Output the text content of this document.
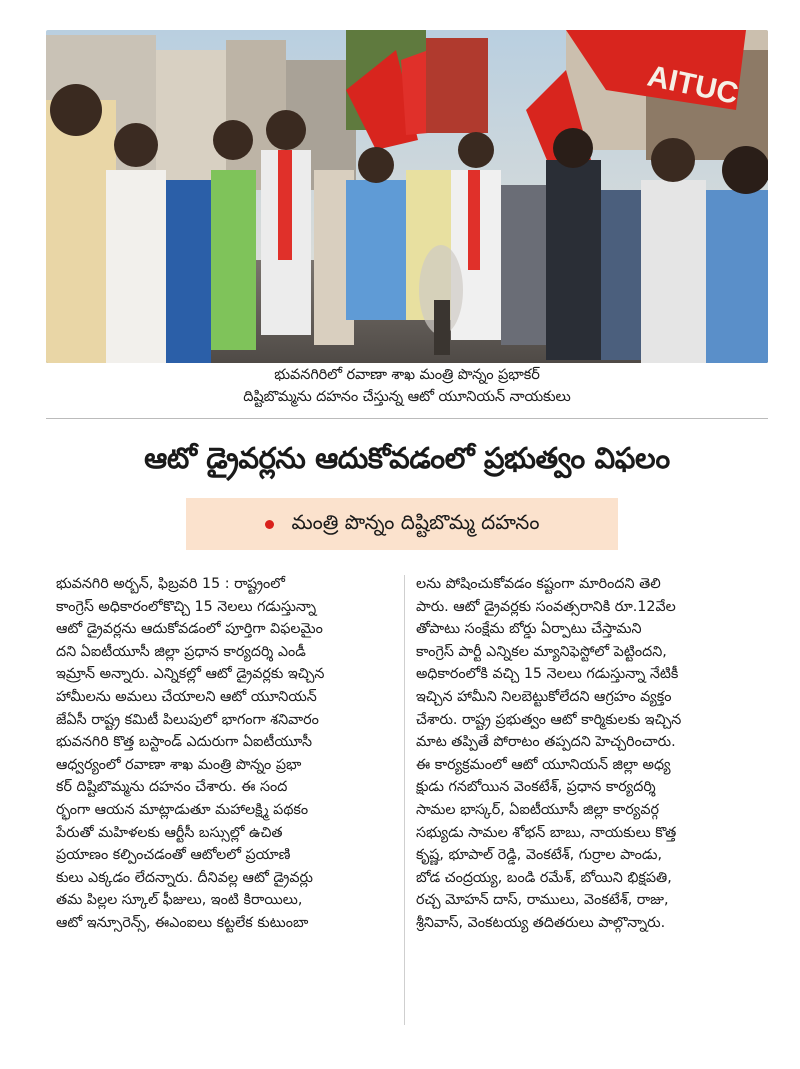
AITUC
భువనగిరిలో రవాణా శాఖ మంత్రి పొన్నం ప్రభాకర్
దిష్టిబొమ్మను దహనం చేస్తున్న ఆటో యూనియన్ నాయకులు
ఆటో డ్రైవర్లను ఆదుకోవడంలో ప్రభుత్వం విఫలం
మంత్రి పొన్నం దిష్టిబొమ్మ దహనం
భువనగిరి అర్బన్, ఫిబ్రవరి 15 : రాష్ట్రంలో
కాంగ్రెస్ అధికారంలోకొచ్చి 15 నెలలు గడుస్తున్నా
ఆటో డ్రైవర్లను ఆదుకోవడంలో పూర్తిగా విఫలమైం
దని ఏఐటీయూసీ జిల్లా ప్రధాన కార్యదర్శి ఎండీ
ఇమ్రాన్ అన్నారు. ఎన్నికల్లో ఆటో డ్రైవర్లకు ఇచ్చిన
హామీలను అమలు చేయాలని ఆటో యూనియన్
జేఏసీ రాష్ట్ర కమిటీ పిలుపులో భాగంగా శనివారం
భువనగిరి కొత్త బస్టాండ్ ఎదురుగా ఏఐటీయూసీ
ఆధ్వర్యంలో రవాణా శాఖ మంత్రి పొన్నం ప్రభా
కర్ దిష్టిబొమ్మను దహనం చేశారు. ఈ సంద
ర్భంగా ఆయన మాట్లాడుతూ మహాలక్ష్మి పథకం
పేరుతో మహిళలకు ఆర్టీసీ బస్సుల్లో ఉచిత
ప్రయాణం కల్పించడంతో ఆటోలలో ప్రయాణి
కులు ఎక్కడం లేదన్నారు. దీనివల్ల ఆటో డ్రైవర్లు
తమ పిల్లల స్కూల్ ఫీజులు, ఇంటి కిరాయిలు,
ఆటో ఇన్సూరెన్స్, ఈఎంఐలు కట్టలేక కుటుంబా
లను పోషించుకోవడం కష్టంగా మారిందని తెలి
పారు. ఆటో డ్రైవర్లకు సంవత్సరానికి రూ.12వేల
తోపాటు సంక్షేమ బోర్డు ఏర్పాటు చేస్తామని
కాంగ్రెస్ పార్టీ ఎన్నికల మ్యానిఫెస్టోలో పెట్టిందని,
అధికారంలోకి వచ్చి 15 నెలలు గడుస్తున్నా నేటికీ
ఇచ్చిన హామీని నిలబెట్టుకోలేదని ఆగ్రహం వ్యక్తం
చేశారు. రాష్ట్ర ప్రభుత్వం ఆటో కార్మికులకు ఇచ్చిన
మాట తప్పితే పోరాటం తప్పదని హెచ్చరించారు.
ఈ కార్యక్రమంలో ఆటో యూనియన్ జిల్లా అధ్య
క్షుడు గనబోయిన వెంకటేశ్, ప్రధాన కార్యదర్శి
సామల భాస్కర్, ఏఐటీయూసీ జిల్లా కార్యవర్గ
సభ్యుడు సామల శోభన్ బాబు, నాయకులు కొత్త
కృష్ణ, భూపాల్ రెడ్డి, వెంకటేశ్, గుర్రాల పాండు,
బోడ చంద్రయ్య, బండి రమేశ్, బోయిని భిక్షపతి,
రచ్చ మోహన్ దాస్, రాములు, వెంకటేశ్, రాజు,
శ్రీనివాస్, వెంకటయ్య తదితరులు పాల్గొన్నారు.
